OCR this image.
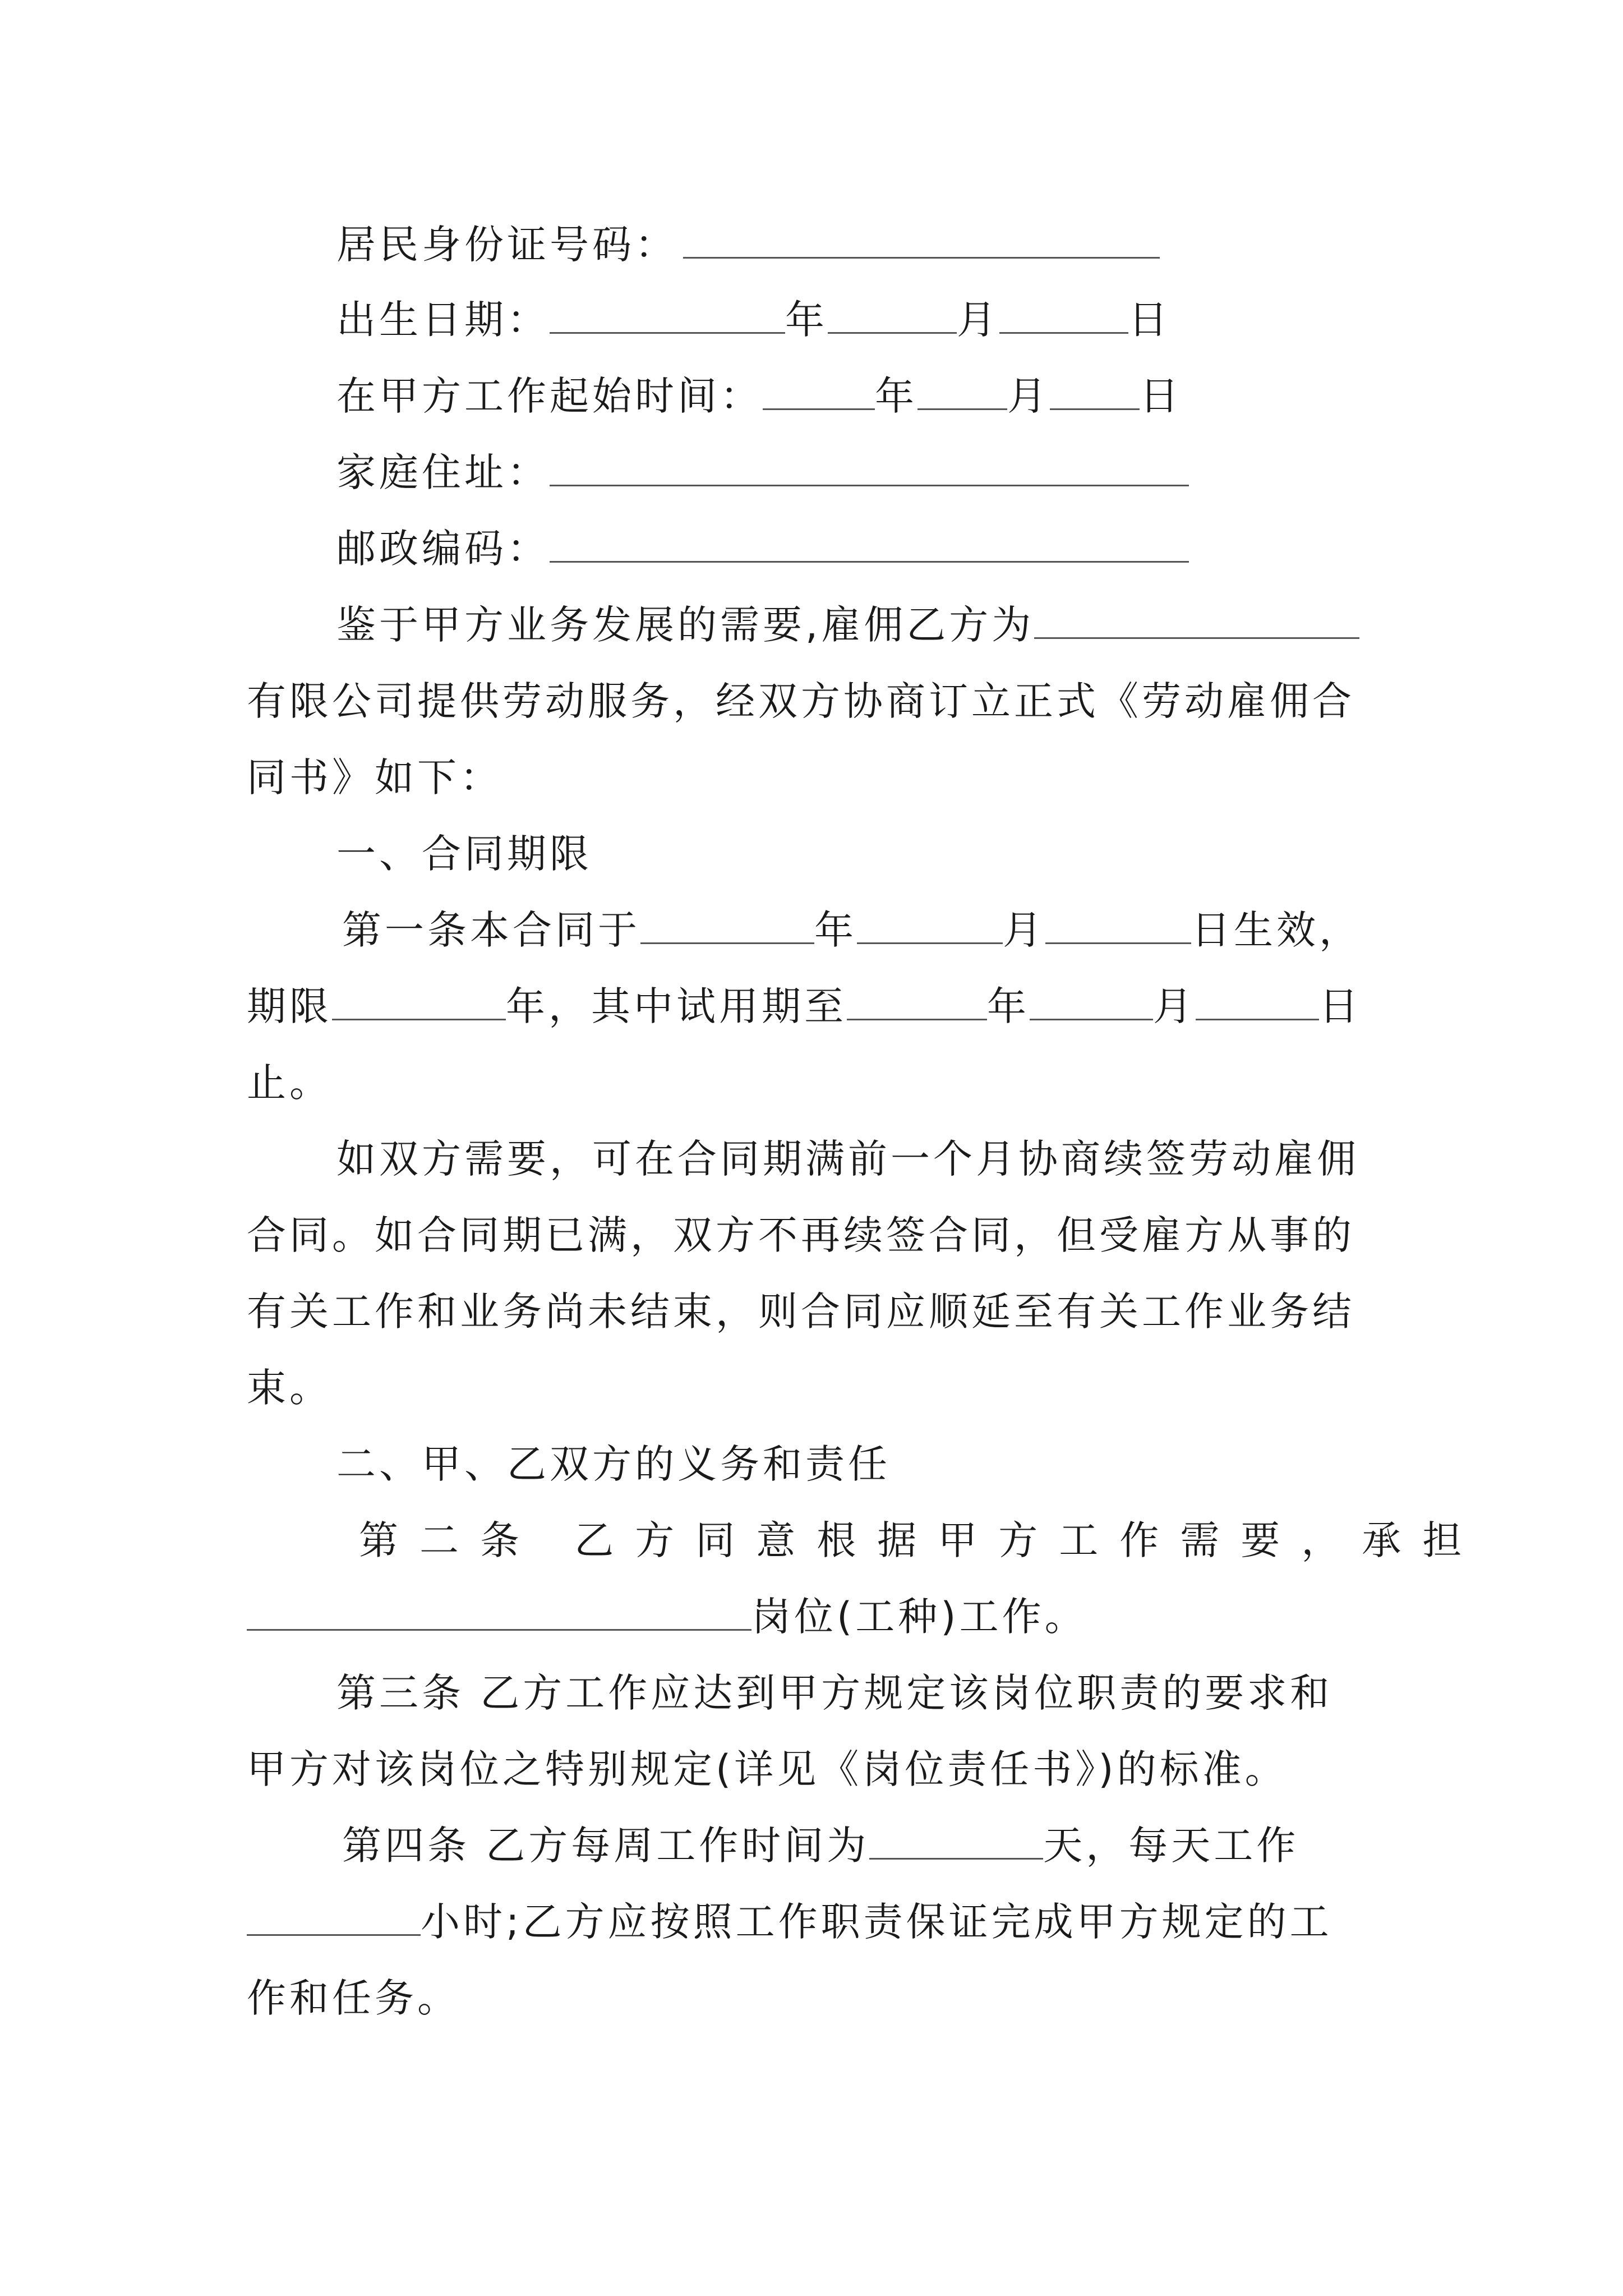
居民身份证号码：
出生日期：	年	月	日
在甲方工作起始时间：	年 月 日
家庭住址：
邮政编码：
鉴于甲方业务发展的需要,雇佣乙方为
有限公司提供劳动服务，经双方协商订立正式《劳动雇佣合
同书》如下：
一、合同期限
第一条本合同于	年	月	日生效，
期限	年，其中试用期至	年	月	日
止。
如双方需要，可在合同期满前一个月协商续签劳动雇佣
合同。如合同期已满，双方不再续签合同，但受雇方从事的
有关工作和业务尚未结束，则合同应顺延至有关工作业务结
束。
二、甲、乙双方的义务和责任
第二条 乙方同意根据甲方工作需要，承担
岗位(工种)工作。
第三条 乙方工作应达到甲方规定该岗位职责的要求和
甲方对该岗位之特别规定(详见《岗位责任书》)的标准。
第四条 乙方每周工作时间为	天，每天工作
小时;乙方应按照工作职责保证完成甲方规定的工
作和任务。
